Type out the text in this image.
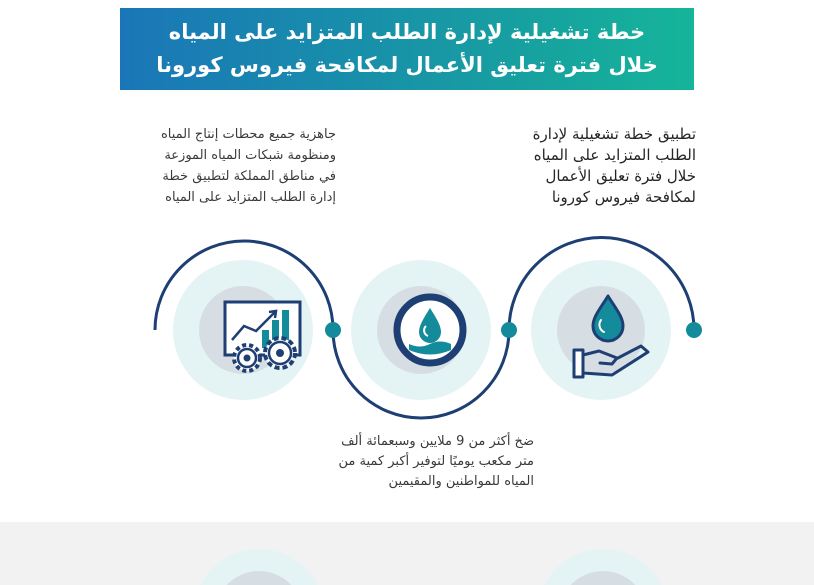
خطة تشغيلية لإدارة الطلب المتزايد على المياه
خلال فترة تعليق الأعمال لمكافحة فيروس كورونا
تطبيق خطة تشغيلية لإدارة
الطلب المتزايد على المياه
خلال فترة تعليق الأعمال
لمكافحة فيروس كورونا
جاهزية جميع محطات إنتاج المياه
ومنظومة شبكات المياه الموزعة
في مناطق المملكة لتطبيق خطة
إدارة الطلب المتزايد على المياه
ضخ أكثر من 9 ملايين وسبعمائة ألف
متر مكعب يوميًا لتوفير أكبر كمية من
المياه للمواطنين والمقيمين
